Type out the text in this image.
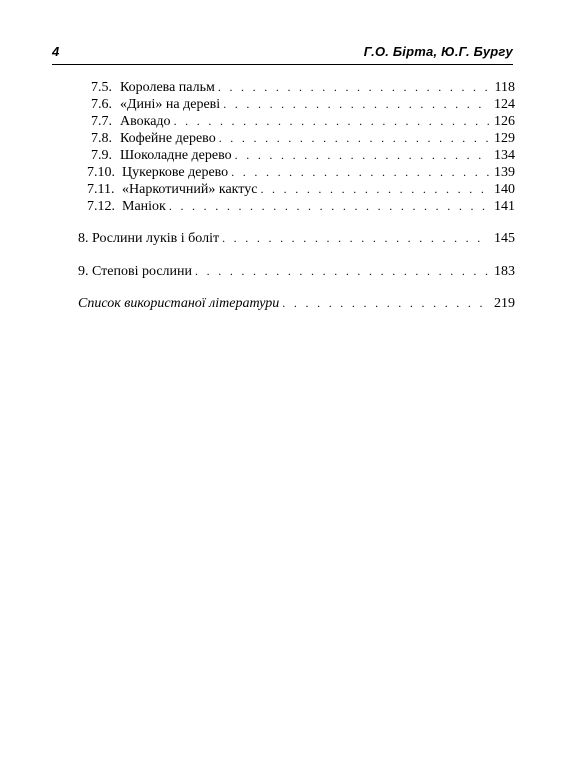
4	Г.О. Бірта, Ю.Г. Бургу
7.5. Королева пальм . . .	118
7.6. «Дині» на дереві . . .	124
7.7. Авокадо . . .	126
7.8. Кофейне дерево . . .	129
7.9. Шоколадне дерево . . .	134
7.10. Цукеркове дерево . . .	139
7.11. «Наркотичний» кактус . . .	140
7.12. Маніок . . .	141
8. Рослини луків і боліт . . .	145
9. Степові рослини . . .	183
Список використаної літератури . . .	219
